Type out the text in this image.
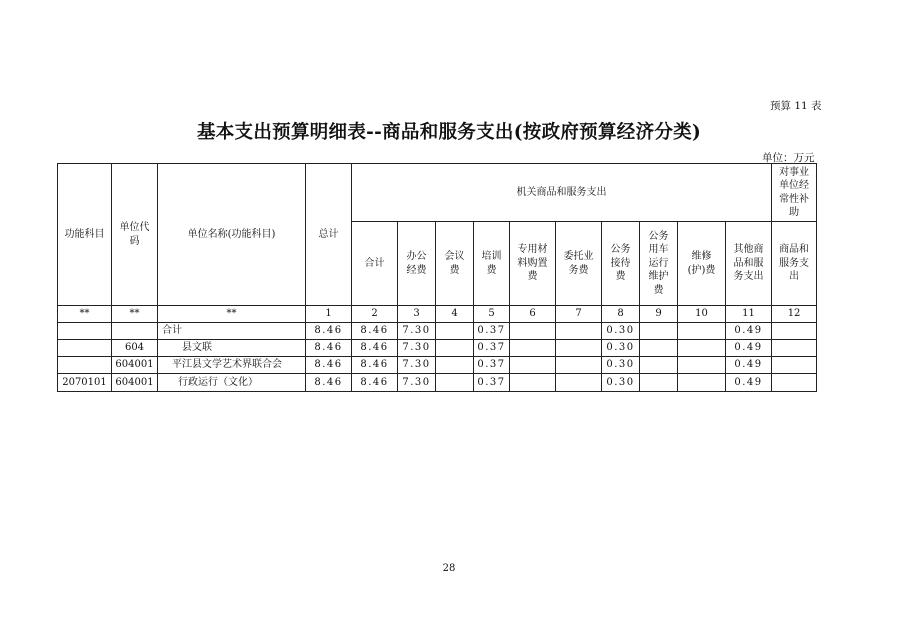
预算 11 表
基本支出预算明细表--商品和服务支出(按政府预算经济分类)
单位：万元
功能科目	单位代码	单位名称(功能科目)	总计	机关商品和服务支出										对事业单位经常性补助
				合计	办公经费	会议费	培训费	专用材料购置费	委托业务费	公务接待费	公务用车运行维护费	维修(护)费	其他商品和服务支出	商品和服务支出
**	**	**	1	2	3	4	5	6	7	8	9	10	11	12
		合计	8.46	8.46	7.30		0.37			0.30			0.49	
	604	县文联	8.46	8.46	7.30		0.37			0.30			0.49	
	604001	平江县文学艺术界联合会	8.46	8.46	7.30		0.37			0.30			0.49	
2070101	604001	行政运行（文化）	8.46	8.46	7.30		0.37			0.30			0.49	
28
